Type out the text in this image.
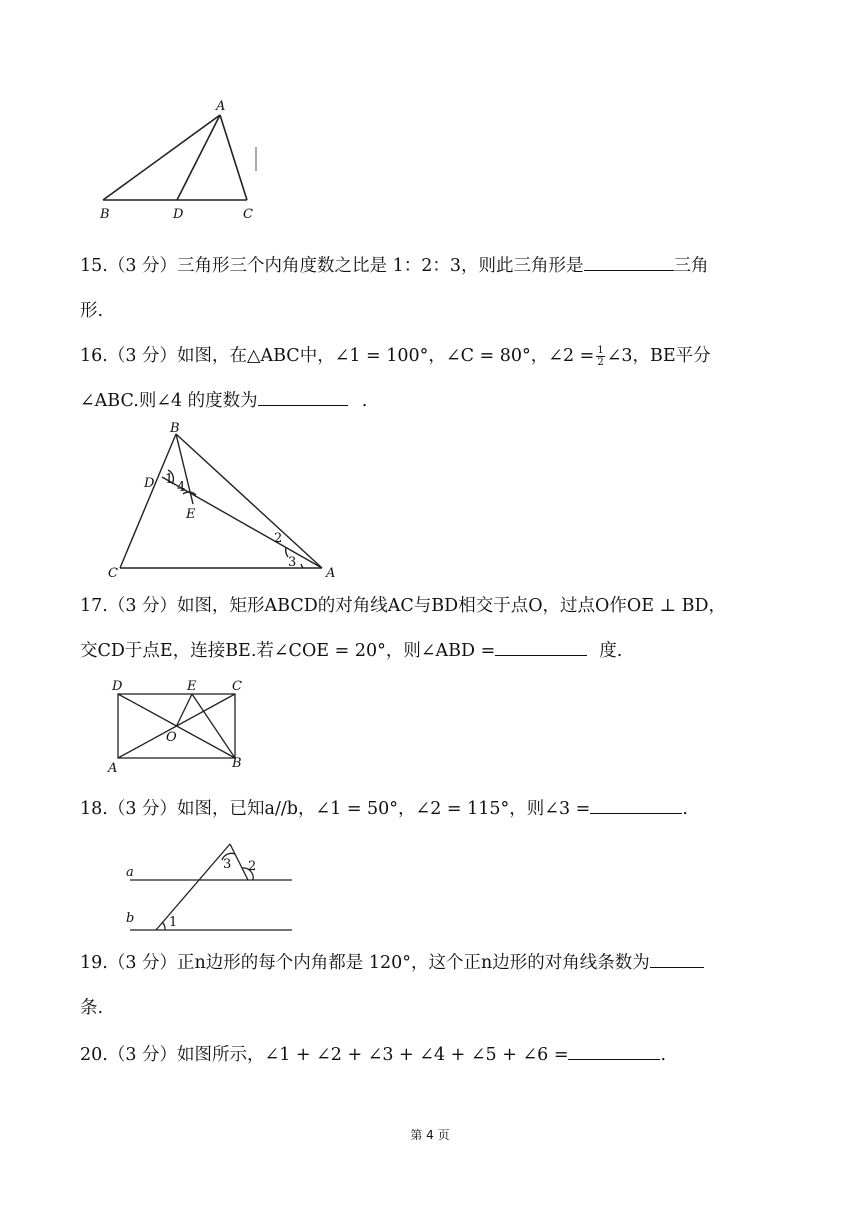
A
B	D	C

15.（3 分）三角形三个内角度数之比是 1：2：3，则此三角形是	三角

形.

16.（3 分）如图，在△ABC中，∠1 = 100°，∠C = 80°，∠2 = $\frac{1}{2}$ ∠3，BE平分

∠ABC.则∠4 的度数为	.

B
D 1
4
E
2
3
C	A

17.（3 分）如图，矩形ABCD的对角线AC与BD相交于点O，过点O作OE ⊥ BD，

交CD于点E，连接BE.若∠COE = 20°，则∠ABD =	度.

D	E	C
O
A	B

18.（3 分）如图，已知a//b，∠1 = 50°，∠2 = 115°，则∠3 =	.

a
b
3 2
1

19.（3 分）正n边形的每个内角都是 120°，这个正n边形的对角线条数为

条.

20.（3 分）如图所示，∠1 + ∠2 + ∠3 + ∠4 + ∠5 + ∠6 =	.

第 4 页
